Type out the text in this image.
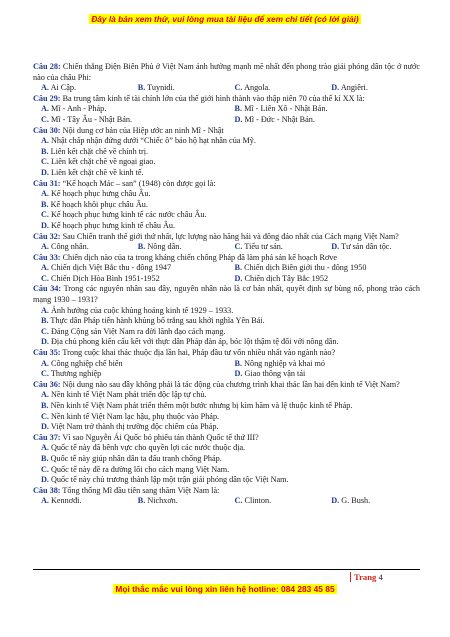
Đây là bản xem thử, vui lòng mua tài liệu để xem chi tiết (có lời giải)
Câu 28: Chiến thắng Điện Biên Phủ ở Việt Nam ảnh hưởng mạnh mẽ nhất đến phong trào giải phóng dân tộc ở nước nào của châu Phi:
A. Ai Cập.	B. Tuynidi.	C. Angola.	D. Angiêri.
Câu 29: Ba trung tâm kinh tế tài chính lớn của thế giới hình thành vào thập niên 70 của thế kỉ XX là:
A. Mĩ - Anh - Pháp.	B. Mĩ - Liên Xô - Nhật Bản.
C. Mĩ - Tây Âu - Nhật Bản.	D. Mĩ - Đức - Nhật Bản.
Câu 30: Nội dung cơ bản của Hiệp ước an ninh Mĩ - Nhật
A. Nhật chấp nhận đứng dưới “Chiếc ô” bảo hộ hạt nhân của Mỹ.
B. Liên kết chặt chẽ về chính trị.
C. Liên kết chặt chẽ về ngoại giao.
D. Liên kết chặt chẽ về kinh tế.
Câu 31: “Kế hoạch Mác – san” (1948) còn được gọi là:
A. Kế hoạch phục hưng châu Âu.
B. Kế hoạch khôi phục châu Âu.
C. Kế hoạch phục hưng kinh tế các nước châu Âu.
D. Kế hoạch phục hưng kinh tế châu Âu.
Câu 32: Sau Chiến tranh thế giới thứ nhất, lực lượng nào hăng hái và đông đảo nhất của Cách mạng Việt Nam?
A. Công nhân.	B. Nông dân.	C. Tiểu tư sản.	D. Tư sản dân tộc.
Câu 33: Chiến dịch nào của ta trong kháng chiến chống Pháp đã làm phá sản kế hoạch Rơve
A. Chiến dịch Việt Bắc thu - đông 1947	B. Chiến dịch Biên giới thu - đông 1950
C. Chiến Dịch Hòa Bình 1951-1952	D. Chiến dịch Tây Bắc 1952
Câu 34: Trong các nguyên nhân sau đây, nguyên nhân nào là cơ bản nhất, quyết định sự bùng nổ, phong trào cách mạng 1930 – 1931?
A. Ảnh hưởng của cuộc khủng hoảng kinh tế 1929 – 1933.
B. Thực dân Pháp tiến hành khủng bố trắng sau khởi nghĩa Yên Bái.
C. Đảng Cộng sản Việt Nam ra đời lãnh đạo cách mạng.
D. Địa chủ phong kiến cấu kết với thực dân Pháp đàn áp, bóc lột thậm tệ đối với nông dân.
Câu 35: Trong cuộc khai thác thuộc địa lần hai, Pháp đầu tư vốn nhiều nhất vào ngành nào?
A. Công nghiệp chế biến	B. Nông nghiệp và khai mỏ
C. Thương nghiệp	D. Giao thông vận tải
Câu 36: Nội dung nào sau đây không phải là tác động của chương trình khai thác lần hai đến kinh tế Việt Nam?
A. Nền kinh tế Việt Nam phát triển độc lập tự chủ.
B. Nền kinh tế Việt Nam phát triển thêm một bước nhưng bị kìm hãm và lệ thuộc kinh tế Pháp.
C. Nền kinh tế Việt Nam lạc hậu, phụ thuộc vào Pháp.
D. Việt Nam trở thành thị trường độc chiếm của Pháp.
Câu 37: Vì sao Nguyễn Ái Quốc bỏ phiếu tán thành Quốc tế thứ III?
A. Quốc tế này đã bênh vực cho quyền lợi các nước thuộc địa.
B. Quốc tế này giúp nhân dân ta đấu tranh chống Pháp.
C. Quốc tế này đề ra đường lối cho cách mạng Việt Nam.
D. Quốc tế này chủ trương thành lập một trận giải phóng dân tộc Việt Nam.
Câu 38: Tổng thống Mĩ đầu tiên sang thăm Việt Nam là:
A. Kennơđi.	B. Nichxơn.	C. Clinton.	D. G. Bush.
Trang 4
Mọi thắc mắc vui lòng xin liên hệ hotline: 084 283 45 85
